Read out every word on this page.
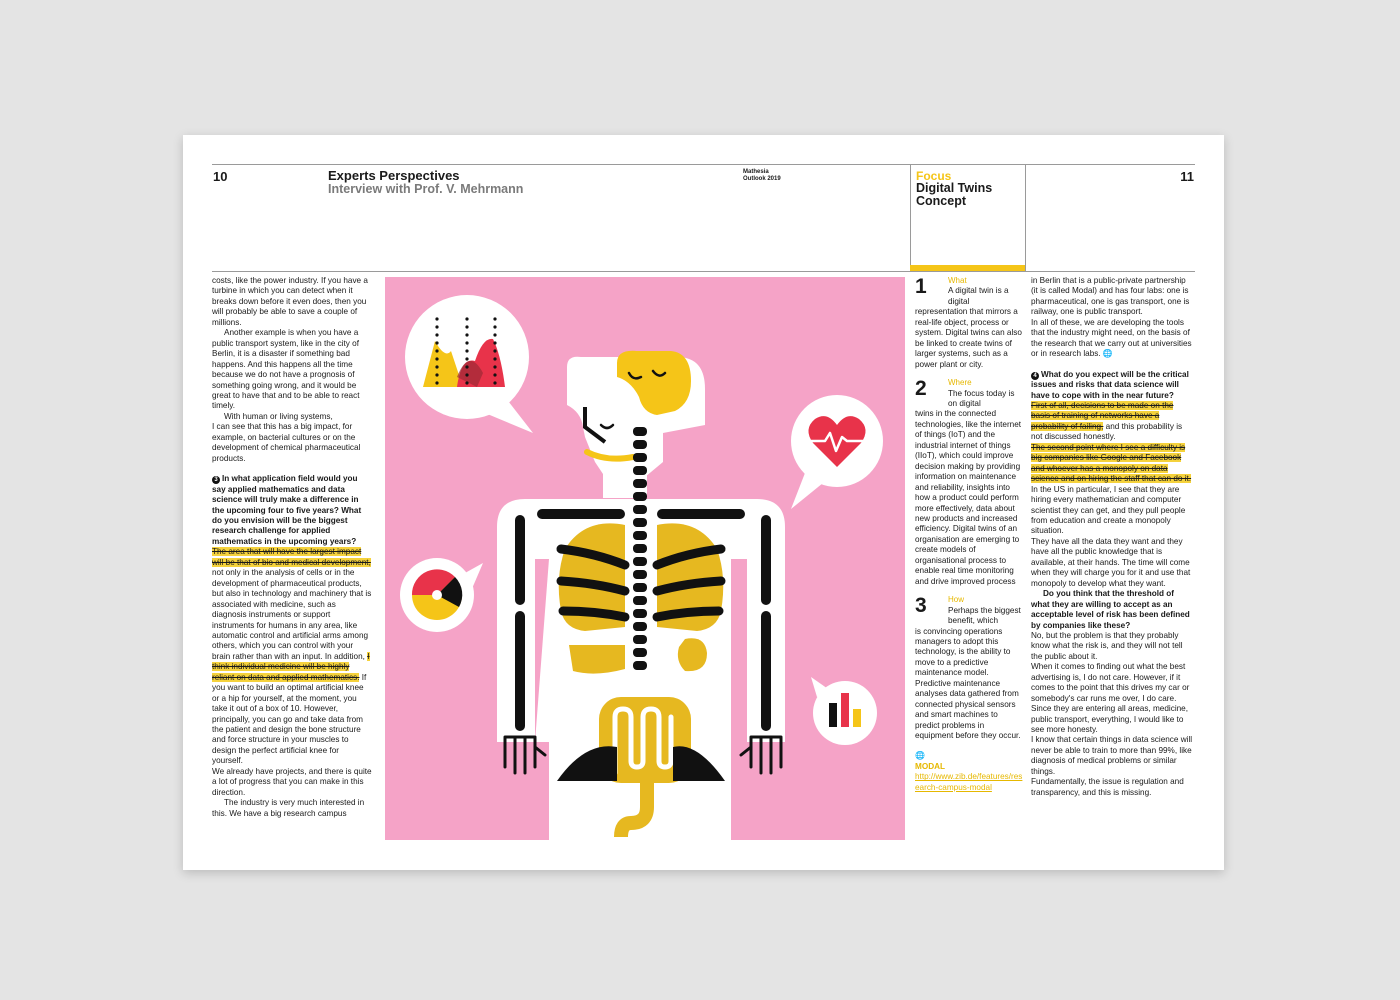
10	11
Experts Perspectives
Interview with Prof. V. Mehrmann
Mathesia
Outlook 2019	Focus
Digital Twins Concept

costs, like the power industry. If you have a turbine in which you can detect when it breaks down before it even does, then you will probably be able to save a couple of millions.

Another example is when you have a public transport system, like in the city of Berlin, it is a disaster if something bad happens. And this happens all the time because we do not have a prognosis of something going wrong, and it would be great to have that and to be able to react timely.

With human or living systems,

I can see that this has a big impact, for example, on bacterial cultures or on the development of chemical pharmaceutical products.

3 In what application field would you say applied mathematics and data science will truly make a difference in the upcoming four to five years? What do you envision will be the biggest research challenge for applied mathematics in the upcoming years?

The area that will have the largest impact will be that of bio and medical development, not only in the analysis of cells or in the development of pharmaceutical products, but also in technology and machinery that is associated with medicine, such as diagnosis instruments or support instruments for humans in any area, like automatic control and artificial arms among others, which you can control with your brain rather than with an input. In addition, I think individual medicine will be highly reliant on data and applied mathematics. If you want to build an optimal artificial knee or a hip for yourself, at the moment, you take it out of a box of 10. However, principally, you can go and take data from the patient and design the bone structure and force structure in your muscles to design the perfect artificial knee for yourself.

We already have projects, and there is quite a lot of progress that you can make in this direction.

The industry is very much interested in this. We have a big research campus

1	What
A digital twin is a digital
representation that mirrors a real-life object, process or system. Digital twins can also be linked to create twins of larger systems, such as a power plant or city.
2	Where
The focus today is on digital
twins in the connected technologies, like the internet of things (IoT) and the industrial internet of things (IIoT), which could improve decision making by providing information on maintenance and reliability, insights into how a product could perform more effectively, data about new products and increased efficiency. Digital twins of an organisation are emerging to create models of organisational process to enable real time monitoring and drive improved process
3	How
Perhaps the biggest benefit, which
is convincing operations managers to adopt this technology, is the ability to move to a predictive maintenance model. Predictive maintenance analyses data gathered from connected physical sensors and smart machines to predict problems in equipment before they occur.
🌐
MODAL
http://www.zib.de/features/research-campus-modal

in Berlin that is a public-private partnership (it is called Modal) and has four labs: one is pharmaceutical, one is gas transport, one is railway, one is public transport.

In all of these, we are developing the tools that the industry might need, on the basis of the research that we carry out at universities or in research labs. 🌐

4 What do you expect will be the critical issues and risks that data science will have to cope with in the near future?

First of all, decisions to be made on the basis of training of networks have a probability of failing, and this probability is not discussed honestly.

The second point where I see a difficulty is big companies like Google and Facebook and whoever has a monopoly on data science and on hiring the staff that can do it. In the US in particular, I see that they are hiring every mathematician and computer scientist they can get, and they pull people from education and create a monopoly situation.

They have all the data they want and they have all the public knowledge that is available, at their hands. The time will come when they will charge you for it and use that monopoly to develop what they want.

Do you think that the threshold of what they are willing to accept as an acceptable level of risk has been defined by companies like these?

No, but the problem is that they probably know what the risk is, and they will not tell the public about it.

When it comes to finding out what the best advertising is, I do not care. However, if it comes to the point that this drives my car or somebody's car runs me over, I do care. Since they are entering all areas, medicine, public transport, everything, I would like to see more honesty.

I know that certain things in data science will never be able to train to more than 99%, like diagnosis of medical problems or similar things.

Fundamentally, the issue is regulation and transparency, and this is missing.
